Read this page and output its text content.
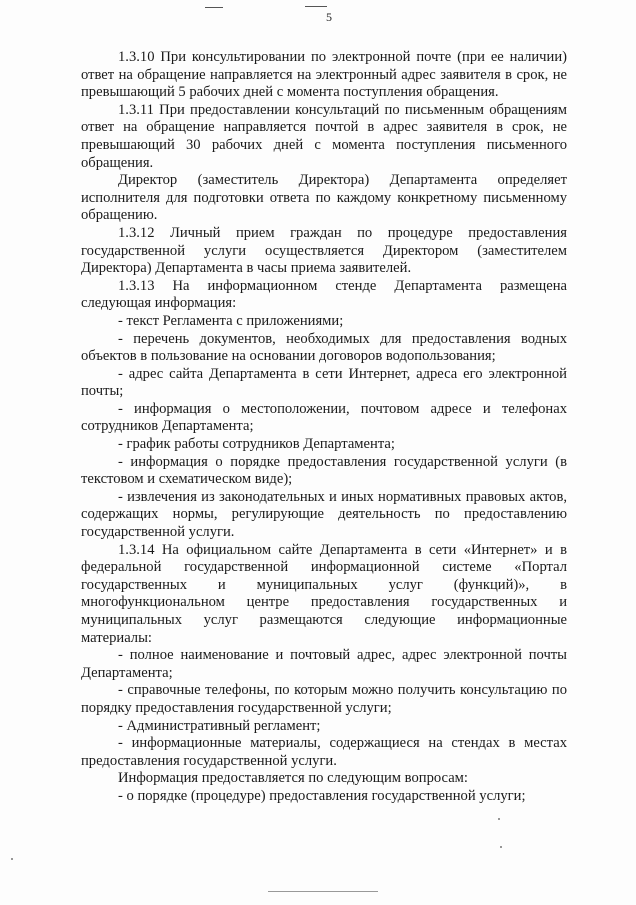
5

1.3.10 При консультировании по электронной почте (при ее наличии) ответ на обращение направляется на электронный адрес заявителя в срок, не превышающий 5 рабочих дней с момента поступления обращения.

1.3.11 При предоставлении консультаций по письменным обращениям ответ на обращение направляется почтой в адрес заявителя в срок, не превышающий 30 рабочих дней с момента поступления письменного обращения.

Директор (заместитель Директора) Департамента определяет исполнителя для подготовки ответа по каждому конкретному письменному обращению.

1.3.12 Личный прием граждан по процедуре предоставления государственной услуги осуществляется Директором (заместителем Директора) Департамента в часы приема заявителей.

1.3.13 На информационном стенде Департамента размещена следующая информация:

- текст Регламента с приложениями;

- перечень документов, необходимых для предоставления водных объектов в пользование на основании договоров водопользования;

- адрес сайта Департамента в сети Интернет, адреса его электронной почты;

- информация о местоположении, почтовом адресе и телефонах сотрудников Департамента;

- график работы сотрудников Департамента;

- информация о порядке предоставления государственной услуги (в текстовом и схематическом виде);

- извлечения из законодательных и иных нормативных правовых актов, содержащих нормы, регулирующие деятельность по предоставлению государственной услуги.

1.3.14 На официальном сайте Департамента в сети «Интернет» и в федеральной государственной информационной системе «Портал государственных и муниципальных услуг (функций)», в многофункциональном центре предоставления государственных и муниципальных услуг размещаются следующие информационные материалы:

- полное наименование и почтовый адрес, адрес электронной почты Департамента;

- справочные телефоны, по которым можно получить консультацию по порядку предоставления государственной услуги;

- Административный регламент;

- информационные материалы, содержащиеся на стендах в местах предоставления государственной услуги.

Информация предоставляется по следующим вопросам:

- о порядке (процедуре) предоставления государственной услуги;
